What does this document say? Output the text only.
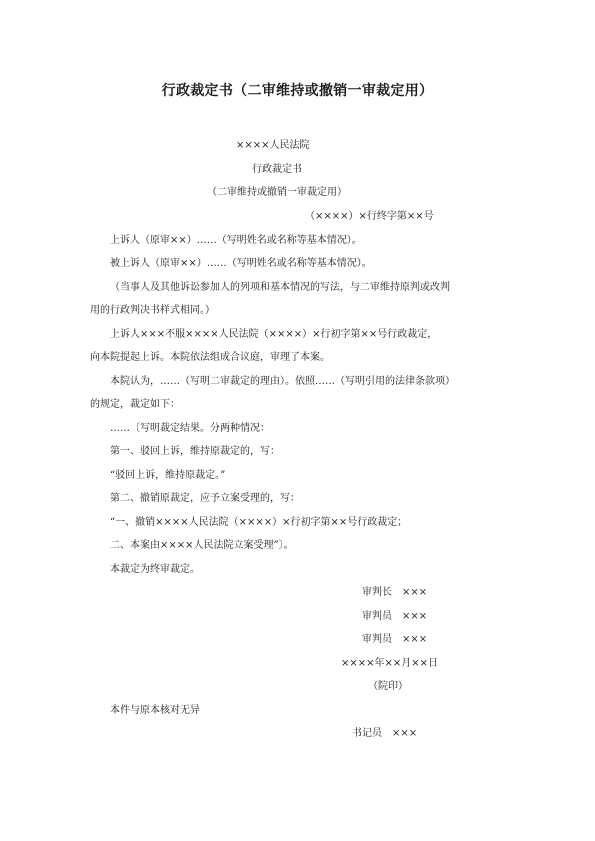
行政裁定书（二审维持或撤销一审裁定用）
××××人民法院
行政裁定书
（二审维持或撤销一审裁定用）
（××××）×行终字第××号
上诉人（原审××）……（写明姓名或名称等基本情况）。
被上诉人（原审××）……（写明姓名或名称等基本情况）。
（当事人及其他诉讼参加人的列项和基本情况的写法，与二审维持原判或改判
用的行政判决书样式相同。）
上诉人×××不服××××人民法院（××××）×行初字第××号行政裁定，
向本院提起上诉。本院依法组成合议庭，审理了本案。
本院认为，……（写明二审裁定的理由）。依照……（写明引用的法律条款项）
的规定，裁定如下：
……〔写明裁定结果。分两种情况：
第一、驳回上诉，维持原裁定的，写：
“驳回上诉，维持原裁定。”
第二、撤销原裁定，应予立案受理的，写：
“一、撤销××××人民法院（××××）×行初字第××号行政裁定；
二、本案由××××人民法院立案受理”〕。
本裁定为终审裁定。
审判长　×××
审判员　×××
审判员　×××
××××年××月××日
（院印）
本件与原本核对无异
书记员　×××
